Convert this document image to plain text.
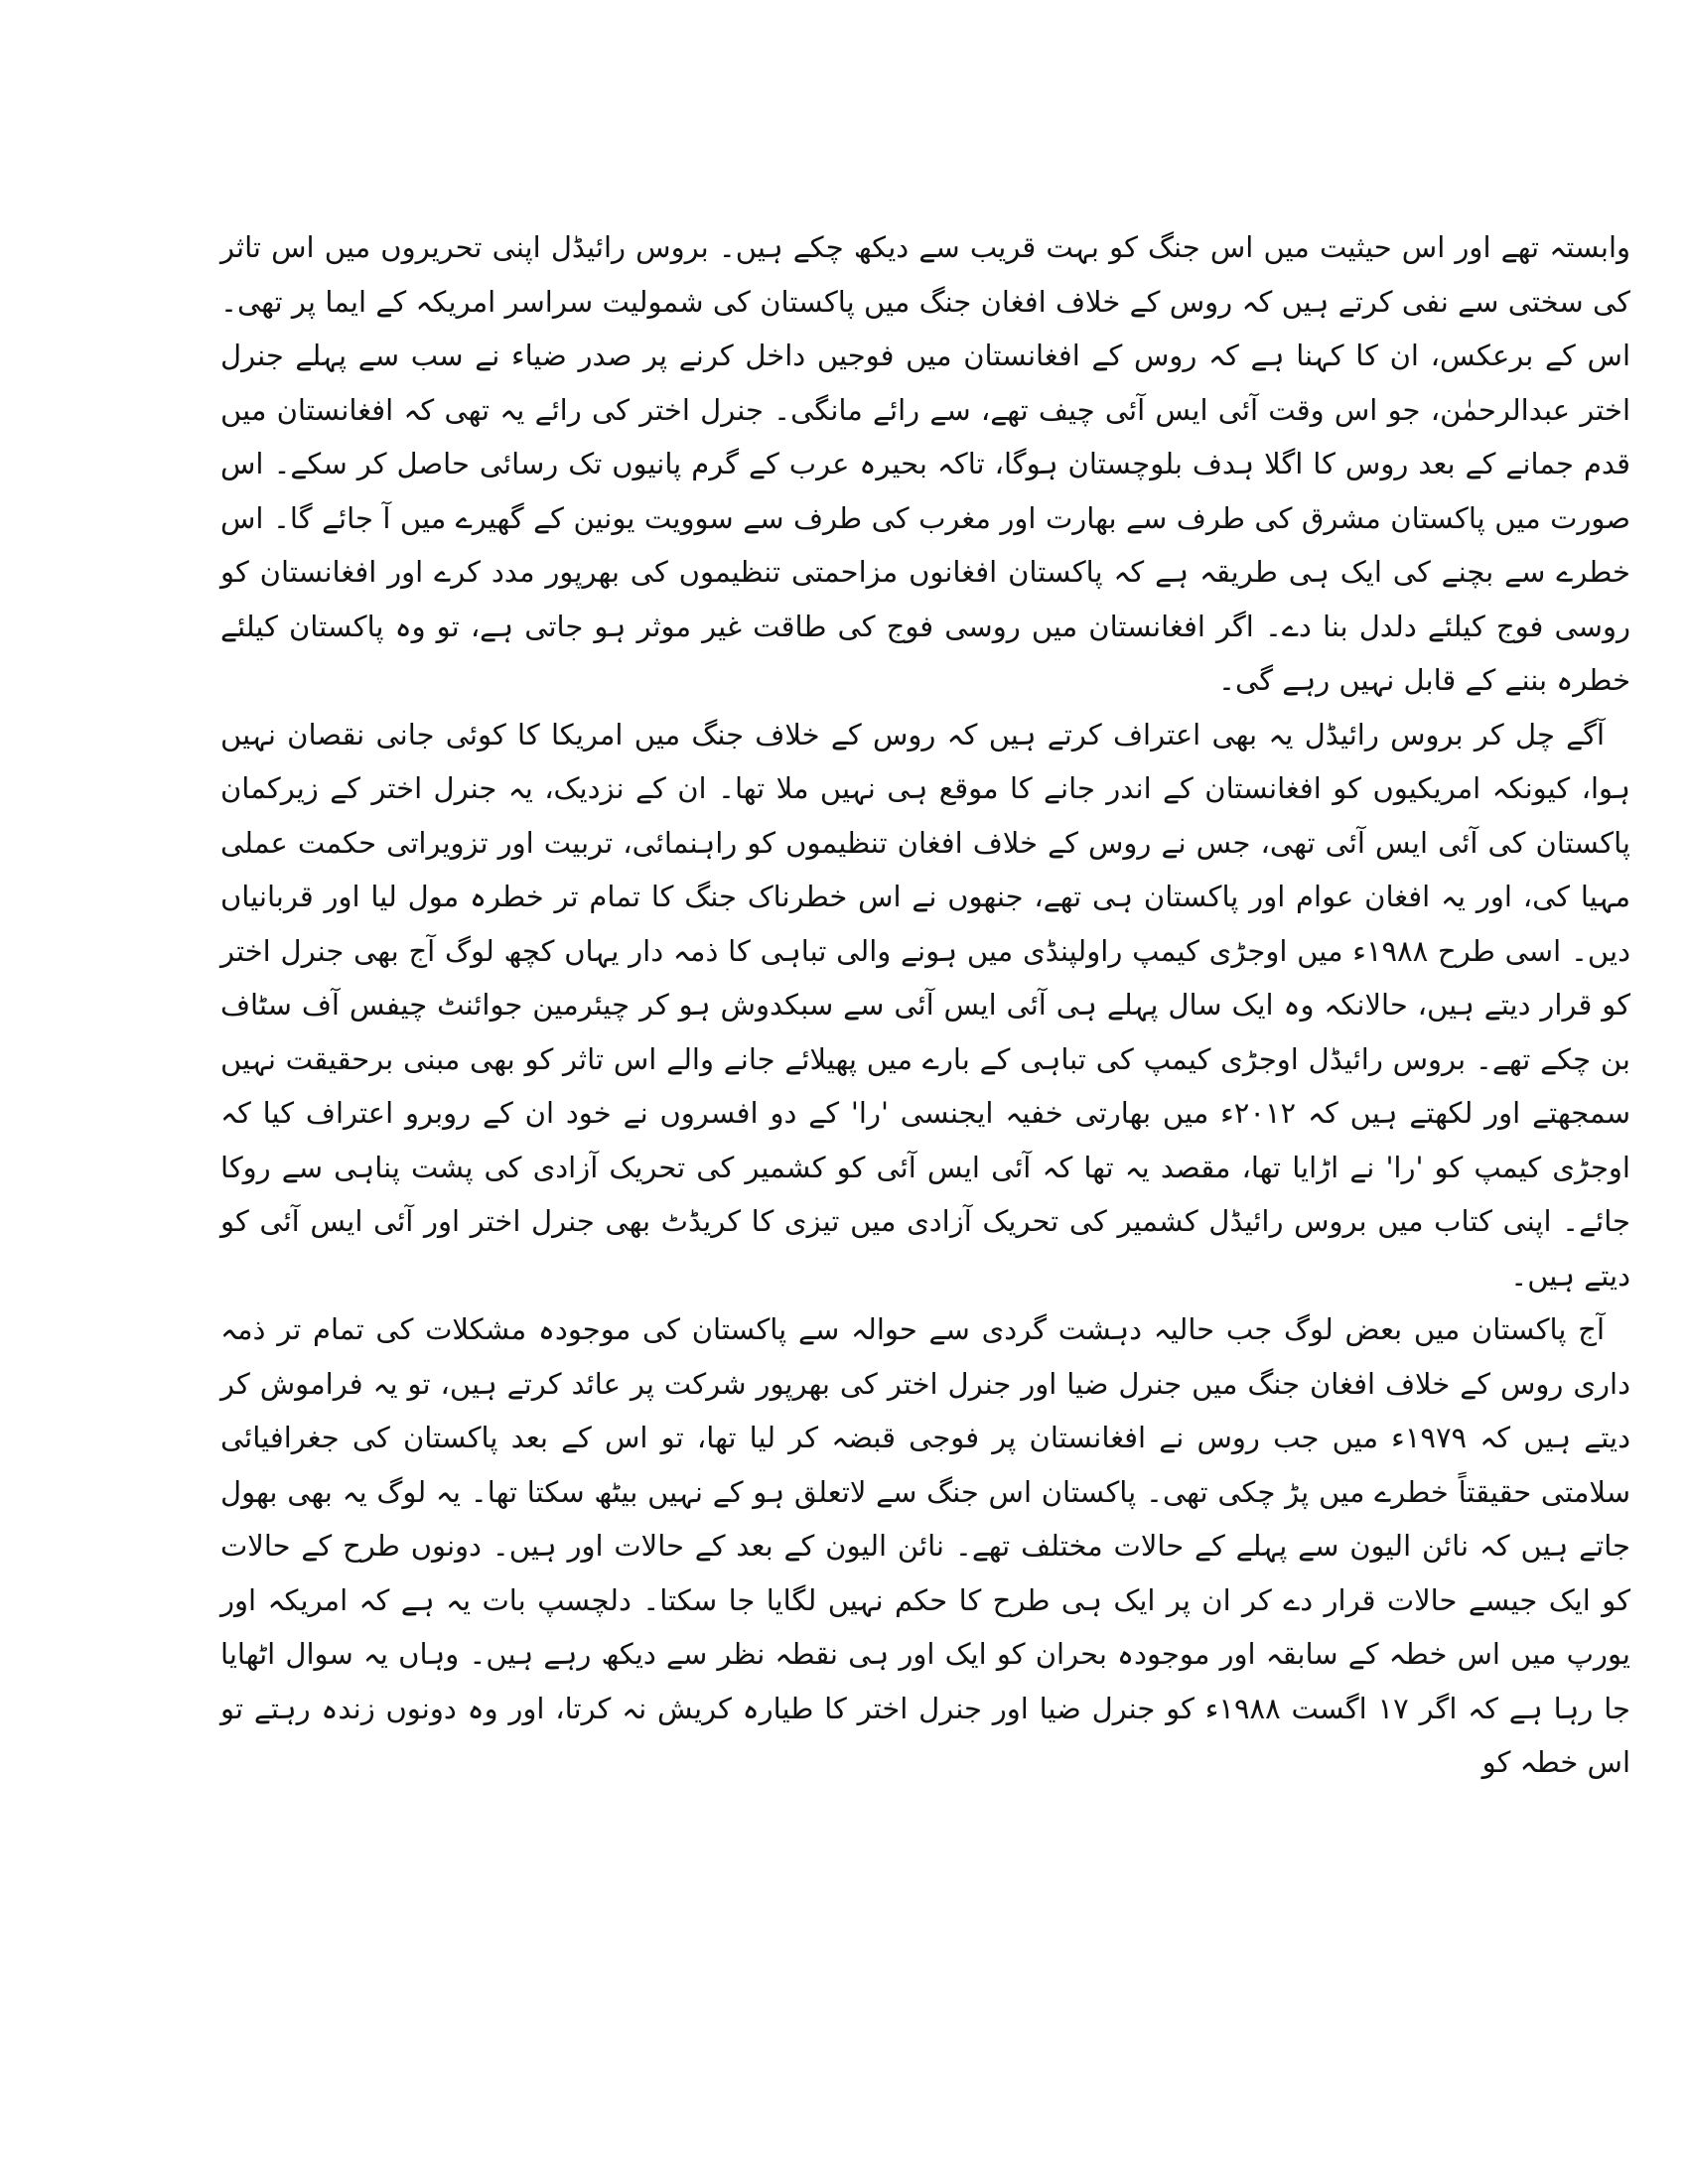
وابستہ تھے اور اس حیثیت میں اس جنگ کو بہت قریب سے دیکھ چکے ہیں۔ بروس رائیڈل اپنی تحریروں میں اس تاثر کی سختی سے نفی کرتے ہیں کہ روس کے خلاف افغان جنگ میں پاکستان کی شمولیت سراسر امریکہ کے ایما پر تھی۔ اس کے برعکس، ان کا کہنا ہے کہ روس کے افغانستان میں فوجیں داخل کرنے پر صدر ضیاء نے سب سے پہلے جنرل اختر عبدالرحمٰن، جو اس وقت آئی ایس آئی چیف تھے، سے رائے مانگی۔ جنرل اختر کی رائے یہ تھی کہ افغانستان میں قدم جمانے کے بعد روس کا اگلا ہدف بلوچستان ہوگا، تاکہ بحیرہ عرب کے گرم پانیوں تک رسائی حاصل کر سکے۔ اس صورت میں پاکستان مشرق کی طرف سے بھارت اور مغرب کی طرف سے سوویت یونین کے گھیرے میں آ جائے گا۔ اس خطرے سے بچنے کی ایک ہی طریقہ ہے کہ پاکستان افغانوں مزاحمتی تنظیموں کی بھرپور مدد کرے اور افغانستان کو روسی فوج کیلئے دلدل بنا دے۔ اگر افغانستان میں روسی فوج کی طاقت غیر موثر ہو جاتی ہے، تو وہ پاکستان کیلئے خطرہ بننے کے قابل نہیں رہے گی۔

آگے چل کر بروس رائیڈل یہ بھی اعتراف کرتے ہیں کہ روس کے خلاف جنگ میں امریکا کا کوئی جانی نقصان نہیں ہوا، کیونکہ امریکیوں کو افغانستان کے اندر جانے کا موقع ہی نہیں ملا تھا۔ ان کے نزدیک، یہ جنرل اختر کے زیرکمان پاکستان کی آئی ایس آئی تھی، جس نے روس کے خلاف افغان تنظیموں کو راہنمائی، تربیت اور تزویراتی حکمت عملی مہیا کی، اور یہ افغان عوام اور پاکستان ہی تھے، جنھوں نے اس خطرناک جنگ کا تمام تر خطرہ مول لیا اور قربانیاں دیں۔ اسی طرح ۱۹۸۸ء میں اوجڑی کیمپ راولپنڈی میں ہونے والی تباہی کا ذمہ دار یہاں کچھ لوگ آج بھی جنرل اختر کو قرار دیتے ہیں، حالانکہ وہ ایک سال پہلے ہی آئی ایس آئی سے سبکدوش ہو کر چیئرمین جوائنٹ چیفس آف سٹاف بن چکے تھے۔ بروس رائیڈل اوجڑی کیمپ کی تباہی کے بارے میں پھیلائے جانے والے اس تاثر کو بھی مبنی برحقیقت نہیں سمجھتے اور لکھتے ہیں کہ ۲۰۱۲ء میں بھارتی خفیہ ایجنسی 'را' کے دو افسروں نے خود ان کے روبرو اعتراف کیا کہ اوجڑی کیمپ کو 'را' نے اڑایا تھا، مقصد یہ تھا کہ آئی ایس آئی کو کشمیر کی تحریک آزادی کی پشت پناہی سے روکا جائے۔ اپنی کتاب میں بروس رائیڈل کشمیر کی تحریک آزادی میں تیزی کا کریڈٹ بھی جنرل اختر اور آئی ایس آئی کو دیتے ہیں۔

آج پاکستان میں بعض لوگ جب حالیہ دہشت گردی سے حوالہ سے پاکستان کی موجودہ مشکلات کی تمام تر ذمہ داری روس کے خلاف افغان جنگ میں جنرل ضیا اور جنرل اختر کی بھرپور شرکت پر عائد کرتے ہیں، تو یہ فراموش کر دیتے ہیں کہ ۱۹۷۹ء میں جب روس نے افغانستان پر فوجی قبضہ کر لیا تھا، تو اس کے بعد پاکستان کی جغرافیائی سلامتی حقیقتاً خطرے میں پڑ چکی تھی۔ پاکستان اس جنگ سے لاتعلق ہو کے نہیں بیٹھ سکتا تھا۔ یہ لوگ یہ بھی بھول جاتے ہیں کہ نائن الیون سے پہلے کے حالات مختلف تھے۔ نائن الیون کے بعد کے حالات اور ہیں۔ دونوں طرح کے حالات کو ایک جیسے حالات قرار دے کر ان پر ایک ہی طرح کا حکم نہیں لگایا جا سکتا۔ دلچسپ بات یہ ہے کہ امریکہ اور یورپ میں اس خطہ کے سابقہ اور موجودہ بحران کو ایک اور ہی نقطہ نظر سے دیکھ رہے ہیں۔ وہاں یہ سوال اٹھایا جا رہا ہے کہ اگر ۱۷ اگست ۱۹۸۸ء کو جنرل ضیا اور جنرل اختر کا طیارہ کریش نہ کرتا، اور وہ دونوں زندہ رہتے تو اس خطہ کو
